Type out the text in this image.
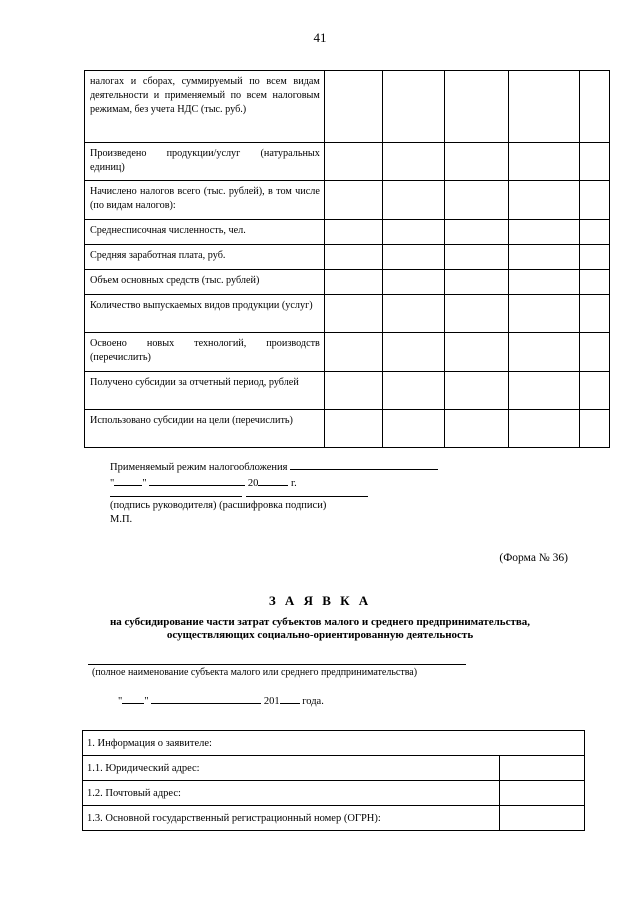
41
налогах и сборах, суммируемый по всем видам деятельности и применяемый по всем налоговым режимам, без учета НДС (тыс. руб.)					
Произведено продукции/услуг (натуральных единиц)					
Начислено налогов всего (тыс. рублей), в том числе (по видам налогов):					
Среднесписочная численность, чел.					
Средняя заработная плата, руб.					
Объем основных средств (тыс. рублей)					
Количество выпускаемых видов продукции (услуг)					
Освоено новых технологий, производств (перечислить)					
Получено субсидии за отчетный период, рублей					
Использовано субсидии на цели (перечислить)					
Применяемый режим налогообложения
"	"	20	г.
(подпись руководителя) (расшифровка подписи)
М.П.
(Форма № 36)
З А Я В К А
на субсидирование части затрат субъектов малого и среднего предпринимательства,
осуществляющих социально-ориентированную деятельность
(полное наименование субъекта малого или среднего предпринимательства)
" "	201 года.
1. Информация о заявителе:	
1.1. Юридический адрес:	
1.2. Почтовый адрес:	
1.3. Основной государственный регистрационный номер (ОГРН):	
